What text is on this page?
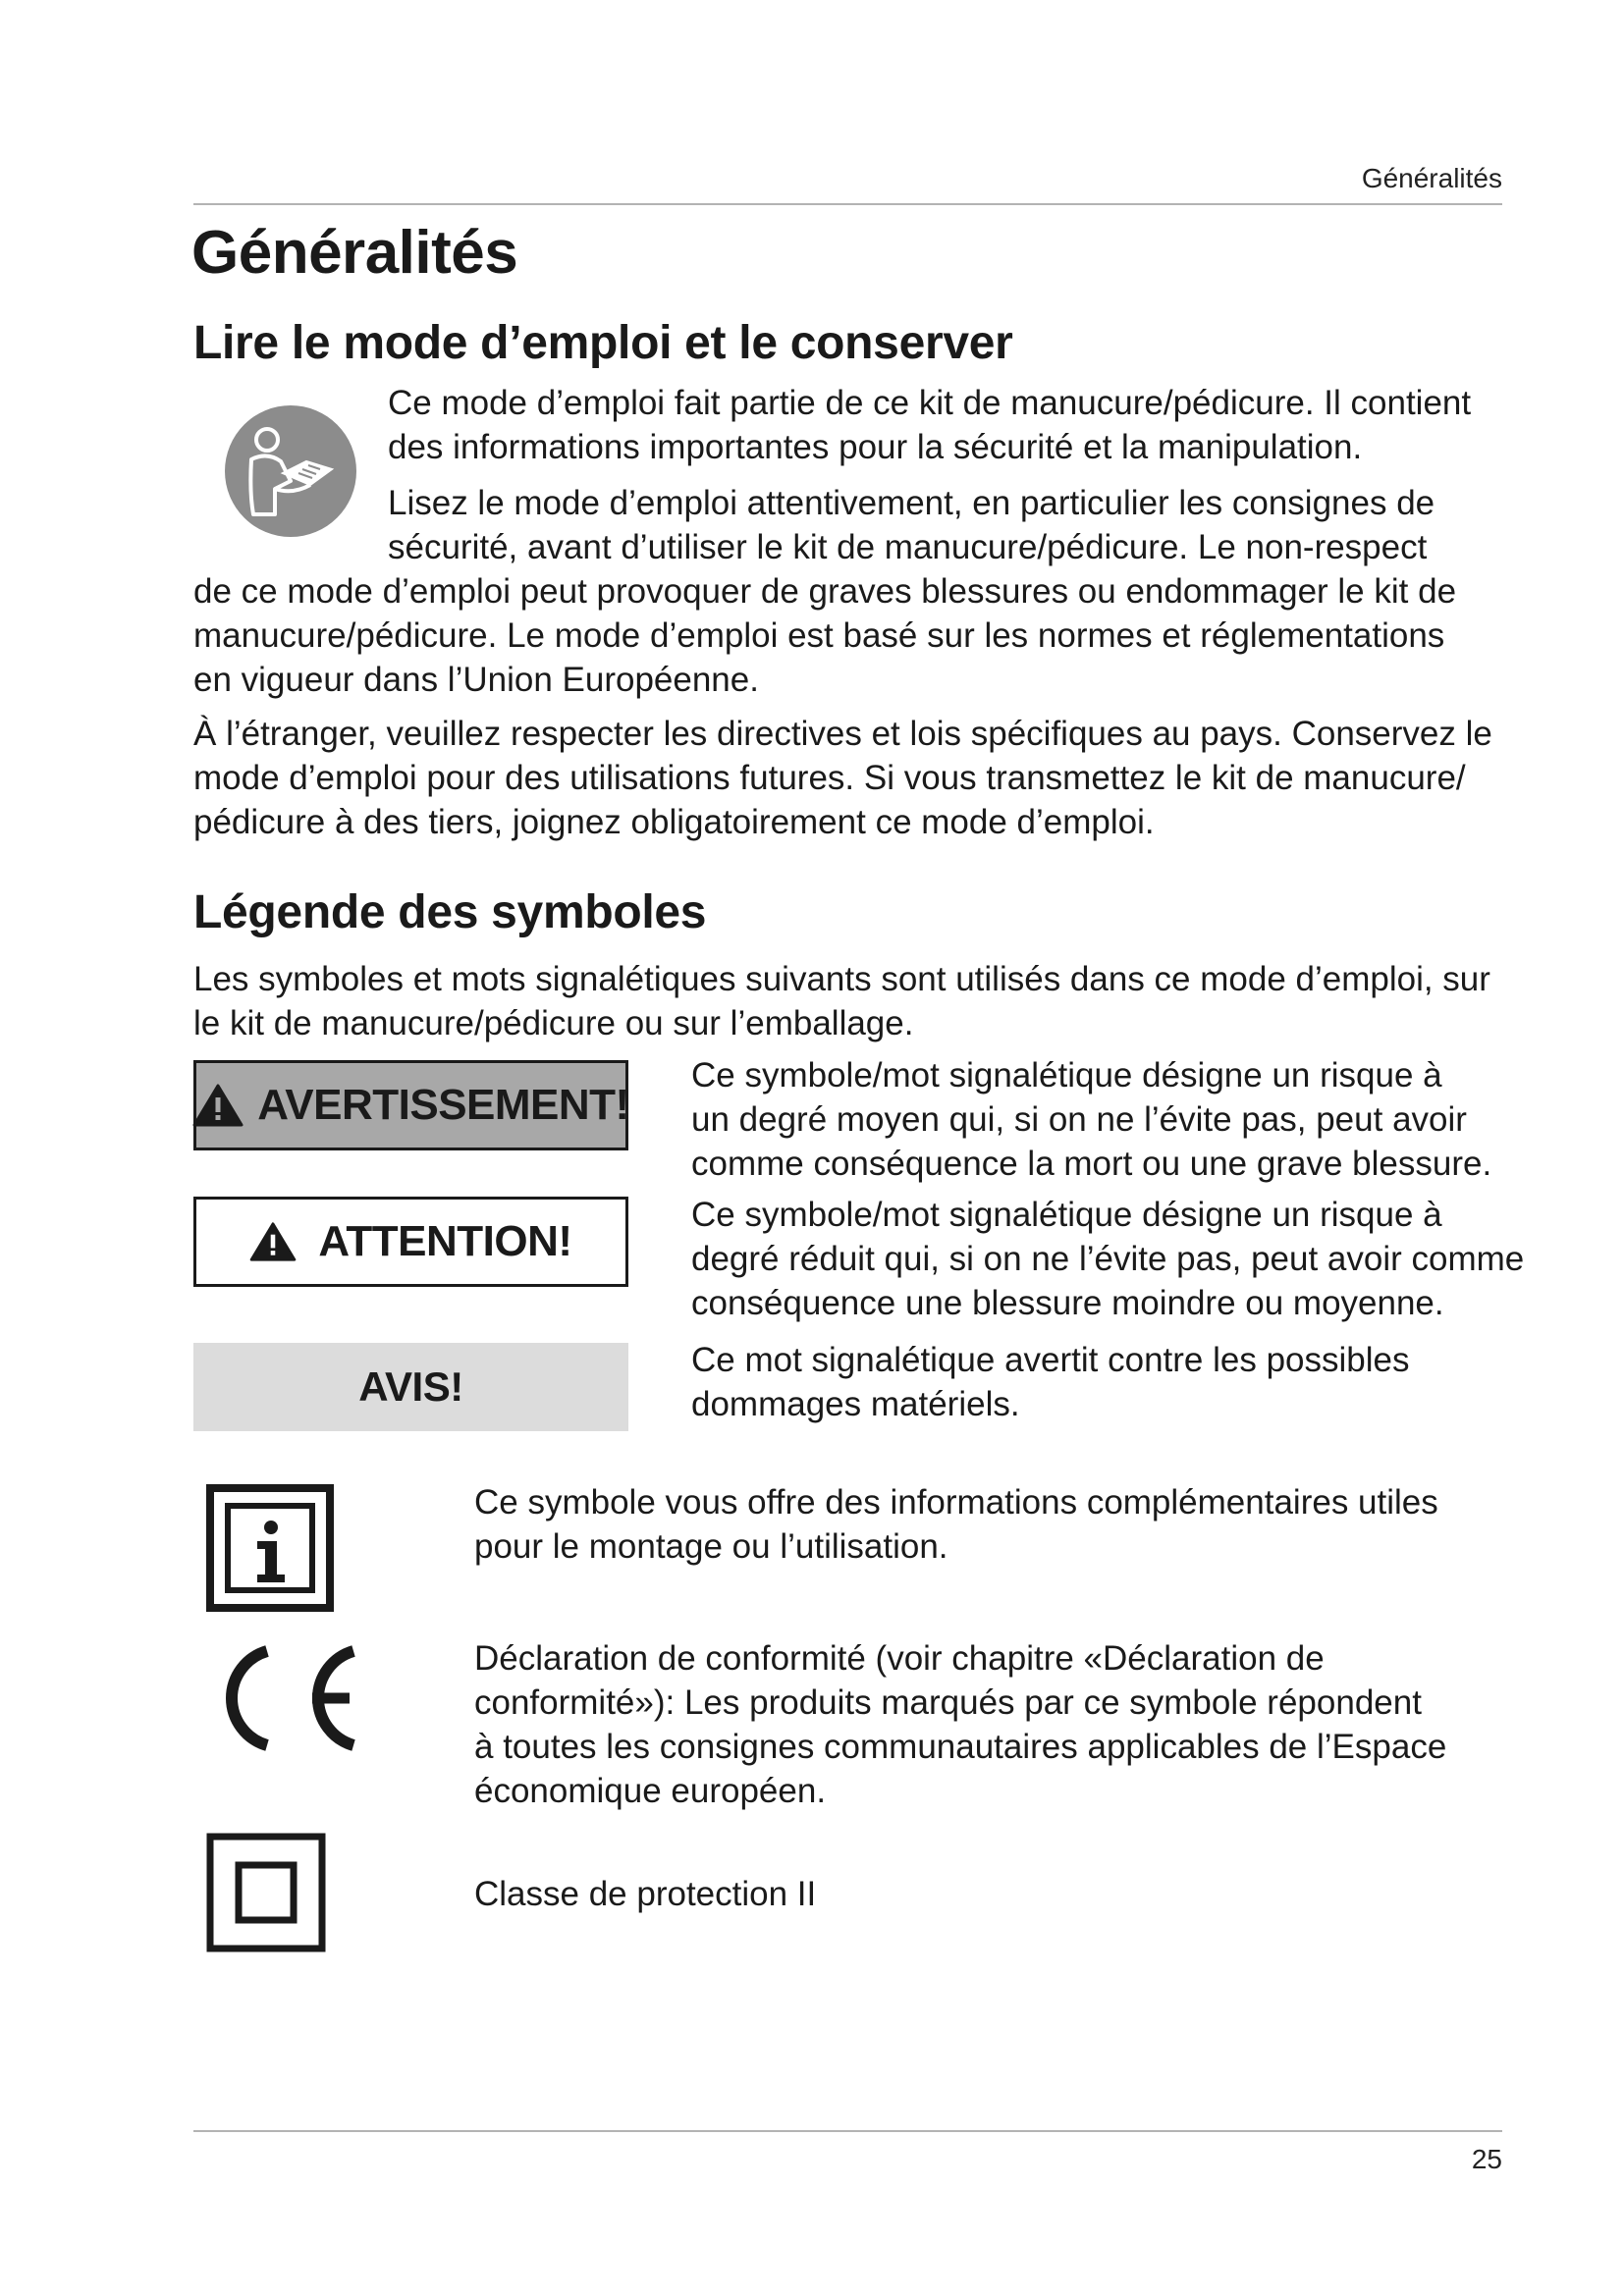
Généralités
Généralités
Lire le mode d’emploi et le conserver
Ce mode d’emploi fait partie de ce kit de manucure/pédicure. Il contient
des informations importantes pour la sécurité et la manipulation.
Lisez le mode d’emploi attentivement, en particulier les consignes de
sécurité, avant d’utiliser le kit de manucure/pédicure. Le non-respect
de ce mode d’emploi peut provoquer de graves blessures ou endommager le kit de
manucure/pédicure. Le mode d’emploi est basé sur les normes et réglementations
en vigueur dans l’Union Européenne.
À l’étranger, veuillez respecter les directives et lois spécifiques au pays. Conservez le
mode d’emploi pour des utilisations futures. Si vous transmettez le kit de manucure/
pédicure à des tiers, joignez obligatoirement ce mode d’emploi.
Légende des symboles
Les symboles et mots signalétiques suivants sont utilisés dans ce mode d’emploi, sur
le kit de manucure/pédicure ou sur l’emballage.
AVERTISSEMENT!
Ce symbole/mot signalétique désigne un risque à
un degré moyen qui, si on ne l’évite pas, peut avoir
comme conséquence la mort ou une grave blessure.
ATTENTION!
Ce symbole/mot signalétique désigne un risque à
degré réduit qui, si on ne l’évite pas, peut avoir comme
conséquence une blessure moindre ou moyenne.
AVIS!
Ce mot signalétique avertit contre les possibles
dommages matériels.
Ce symbole vous offre des informations complémentaires utiles
pour le montage ou l’utilisation.
Déclaration de conformité (voir chapitre «Déclaration de
conformité»): Les produits marqués par ce symbole répondent
à toutes les consignes communautaires applicables de l’Espace
économique européen.
Classe de protection II
25
